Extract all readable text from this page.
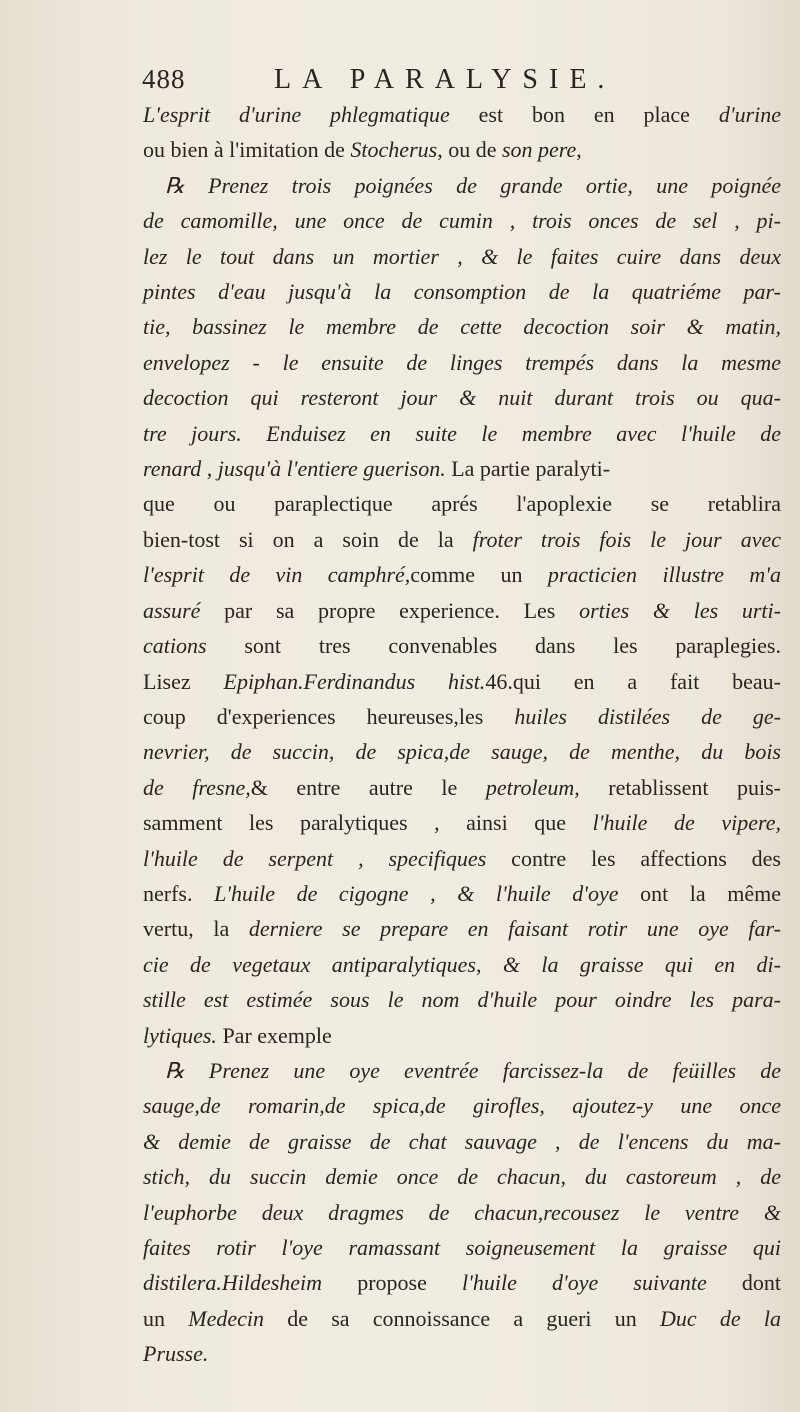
488	LA PARALYSIE.
L'esprit d'urine phlegmatique est bon en place d'urine
ou bien à l'imitation de Stocherus, ou de son pere,
℞ Prenez trois poignées de grande ortie, une poignée
de camomille, une once de cumin , trois onces de sel , pi-
lez le tout dans un mortier , & le faites cuire dans deux
pintes d'eau jusqu'à la consomption de la quatriéme par-
tie, bassinez le membre de cette decoction soir & matin,
envelopez - le ensuite de linges trempés dans la mesme
decoction qui resteront jour & nuit durant trois ou qua-
tre jours. Enduisez en suite le membre avec l'huile de
renard , jusqu'à l'entiere guerison. La partie paralyti-
que ou paraplectique aprés l'apoplexie se retablira
bien-tost si on a soin de la froter trois fois le jour avec
l'esprit de vin camphré,comme un practicien illustre m'a
assuré par sa propre experience. Les orties & les urti-
cations sont tres convenables dans les paraplegies.
Lisez Epiphan.Ferdinandus hist.46.qui en a fait beau-
coup d'experiences heureuses,les huiles distilées de ge-
nevrier, de succin, de spica,de sauge, de menthe, du bois
de fresne,& entre autre le petroleum, retablissent puis-
samment les paralytiques , ainsi que l'huile de vipere,
l'huile de serpent , specifiques contre les affections des
nerfs. L'huile de cigogne , & l'huile d'oye ont la même
vertu, la derniere se prepare en faisant rotir une oye far-
cie de vegetaux antiparalytiques, & la graisse qui en di-
stille est estimée sous le nom d'huile pour oindre les para-
lytiques. Par exemple
℞ Prenez une oye eventrée farcissez-la de feüilles de
sauge,de romarin,de spica,de girofles, ajoutez-y une once
& demie de graisse de chat sauvage , de l'encens du ma-
stich, du succin demie once de chacun, du castoreum , de
l'euphorbe deux dragmes de chacun,recousez le ventre &
faites rotir l'oye ramassant soigneusement la graisse qui
distilera.Hildesheim propose l'huile d'oye suivante dont
un Medecin de sa connoissance a gueri un Duc de la
Prusse.
